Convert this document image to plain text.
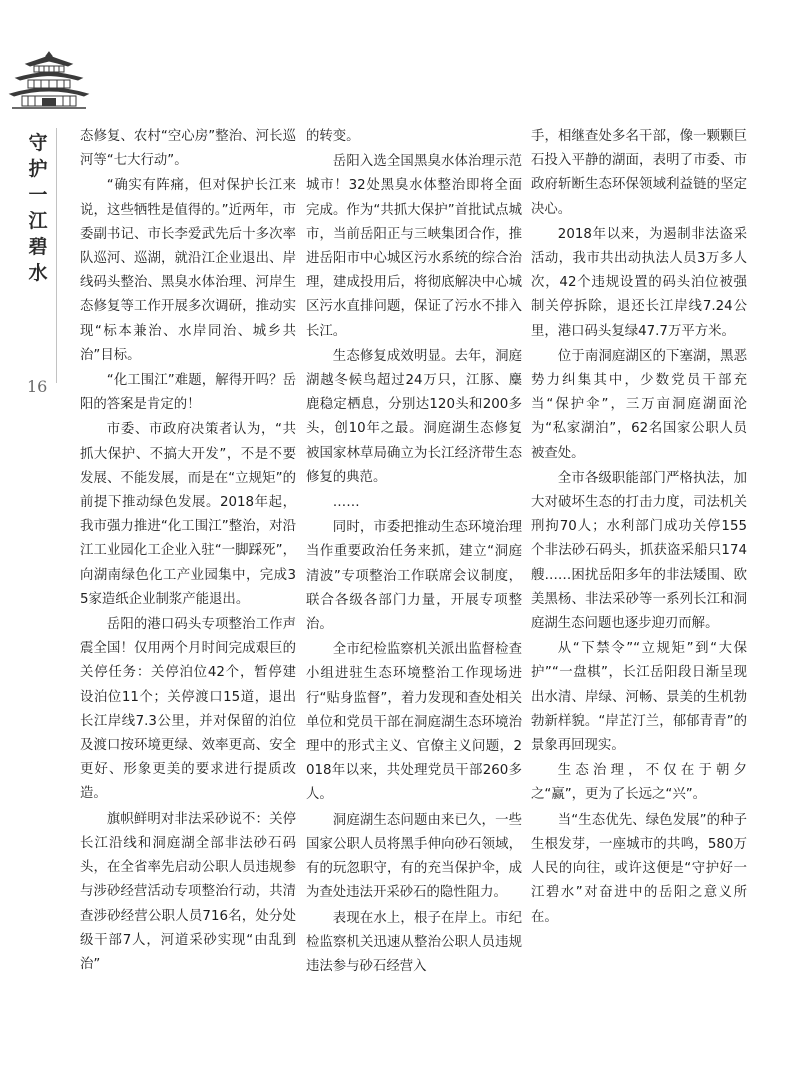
守护一江碧水
16

态修复、农村“空心房”整治、河长巡河等“七大行动”。

“确实有阵痛，但对保护长江来说，这些牺牲是值得的。”近两年，市委副书记、市长李爱武先后十多次率队巡河、巡湖，就沿江企业退出、岸线码头整治、黑臭水体治理、河岸生态修复等工作开展多次调研，推动实现“标本兼治、水岸同治、城乡共治”目标。

“化工围江”难题，解得开吗？岳阳的答案是肯定的！

市委、市政府决策者认为，“共抓大保护、不搞大开发”，不是不要发展、不能发展，而是在“立规矩”的前提下推动绿色发展。2018年起，我市强力推进“化工围江”整治，对沿江工业园化工企业入驻“一脚踩死”，向湖南绿色化工产业园集中，完成35家造纸企业制浆产能退出。

岳阳的港口码头专项整治工作声震全国！仅用两个月时间完成艰巨的关停任务：关停泊位42个，暂停建设泊位11个；关停渡口15道，退出长江岸线7.3公里，并对保留的泊位及渡口按环境更绿、效率更高、安全更好、形象更美的要求进行提质改造。

旗帜鲜明对非法采砂说不：关停长江沿线和洞庭湖全部非法砂石码头，在全省率先启动公职人员违规参与涉砂经营活动专项整治行动，共清查涉砂经营公职人员716名，处分处级干部7人，河道采砂实现“由乱到治”

的转变。

岳阳入选全国黑臭水体治理示范城市！32处黑臭水体整治即将全面完成。作为“共抓大保护”首批试点城市，当前岳阳正与三峡集团合作，推进岳阳市中心城区污水系统的综合治理，建成投用后，将彻底解决中心城区污水直排问题，保证了污水不排入长江。

生态修复成效明显。去年，洞庭湖越冬候鸟超过24万只，江豚、麋鹿稳定栖息，分别达120头和200多头，创10年之最。洞庭湖生态修复被国家林草局确立为长江经济带生态修复的典范。

……

同时，市委把推动生态环境治理当作重要政治任务来抓，建立“洞庭清波”专项整治工作联席会议制度，联合各级各部门力量，开展专项整治。

全市纪检监察机关派出监督检查小组进驻生态环境整治工作现场进行“贴身监督”，着力发现和查处相关单位和党员干部在洞庭湖生态环境治理中的形式主义、官僚主义问题，2018年以来，共处理党员干部260多人。

洞庭湖生态问题由来已久，一些国家公职人员将黑手伸向砂石领域，有的玩忽职守，有的充当保护伞，成为查处违法开采砂石的隐性阻力。

表现在水上，根子在岸上。市纪检监察机关迅速从整治公职人员违规违法参与砂石经营入

手，相继查处多名干部，像一颗颗巨石投入平静的湖面，表明了市委、市政府斩断生态环保领域利益链的坚定决心。

2018年以来，为遏制非法盗采活动，我市共出动执法人员3万多人次，42个违规设置的码头泊位被强制关停拆除，退还长江岸线7.24公里，港口码头复绿47.7万平方米。

位于南洞庭湖区的下塞湖，黑恶势力纠集其中，少数党员干部充当“保护伞”，三万亩洞庭湖面沦为“私家湖泊”，62名国家公职人员被查处。

全市各级职能部门严格执法，加大对破坏生态的打击力度，司法机关刑拘70人；水利部门成功关停155个非法砂石码头，抓获盗采船只174艘……困扰岳阳多年的非法矮围、欧美黑杨、非法采砂等一系列长江和洞庭湖生态问题也逐步迎刃而解。

从“下禁令”“立规矩”到“大保护”“一盘棋”，长江岳阳段日渐呈现出水清、岸绿、河畅、景美的生机勃勃新样貌。“岸芷汀兰，郁郁青青”的景象再回现实。

生态治理，不仅在于朝夕之“赢”，更为了长远之“兴”。

当“生态优先、绿色发展”的种子生根发芽，一座城市的共鸣，580万人民的向往，或许这便是“守护好一江碧水”对奋进中的岳阳之意义所在。
